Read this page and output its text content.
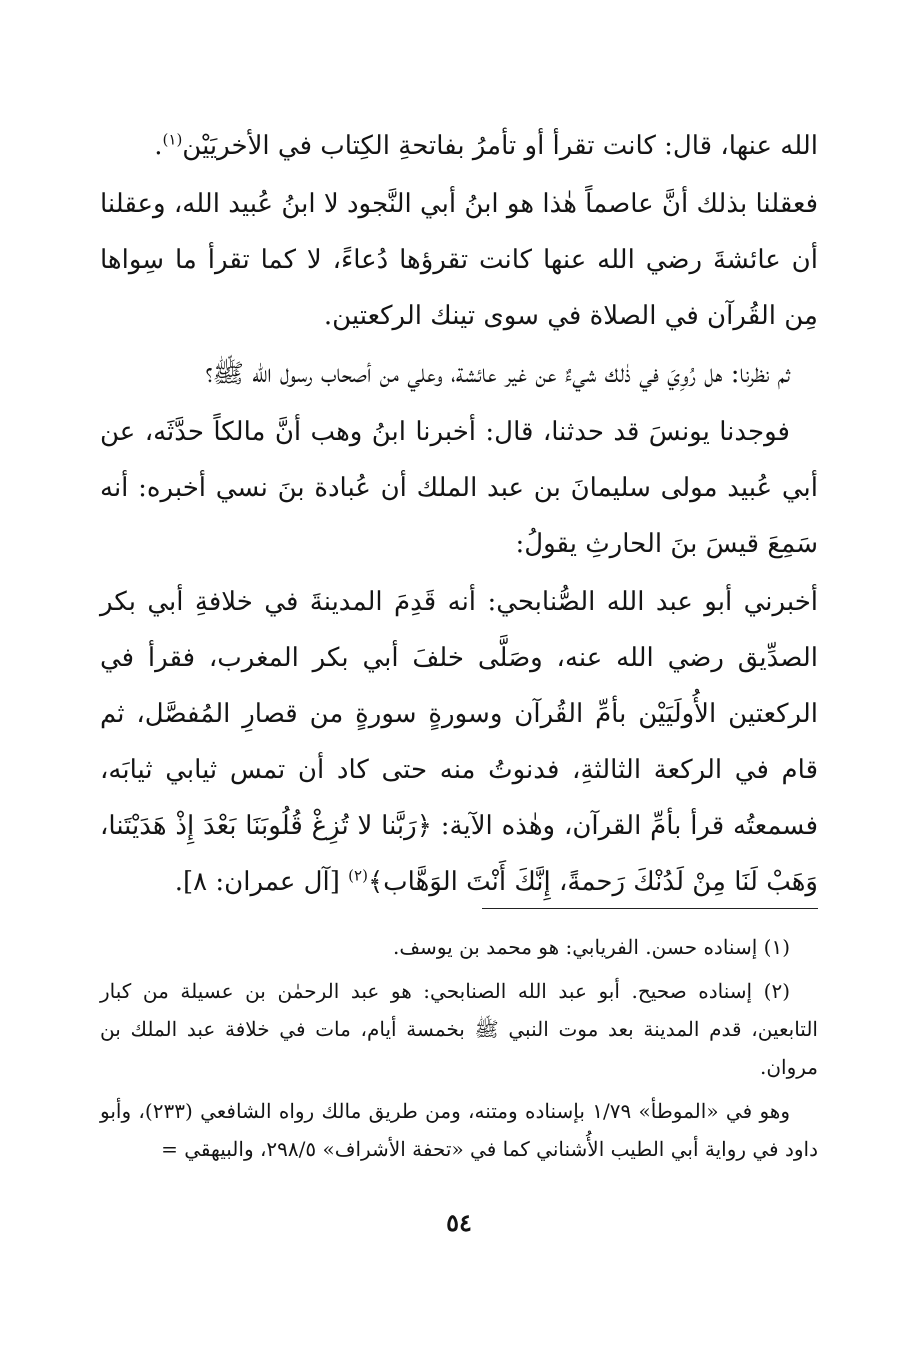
الله عنها، قال: كانت تقرأ أو تأمرُ بفاتحةِ الكِتاب في الأخريَيْن$^{(١)}$.

فعقلنا بذلك أنَّ عاصماً هٰذا هو ابنُ أبي النَّجود لا ابنُ عُبيد الله، وعقلنا أن عائشةَ رضي الله عنها كانت تقرؤها دُعاءً، لا كما تقرأ ما سِواها مِن القُرآن في الصلاة في سوى تينك الركعتين.

ثم نظرنا: هل رُوِيَ في ذٰلك شيءٌ عن غير عائشة، وعلي من أصحاب رسول الله ﷺ؟

فوجدنا يونسَ قد حدثنا، قال: أخبرنا ابنُ وهب أنَّ مالكاً حدَّثَه، عن أبي عُبيد مولى سليمانَ بن عبد الملك أن عُبادة بنَ نسي أخبره: أنه سَمِعَ قيسَ بنَ الحارثِ يقولُ:

أخبرني أبو عبد الله الصُّنابحي: أنه قَدِمَ المدينةَ في خلافةِ أبي بكر الصدِّيق رضي الله عنه، وصَلَّى خلفَ أبي بكر المغرب، فقرأ في الركعتين الأُولَيَيْن بأمِّ القُرآن وسورةٍ سورةٍ من قصارِ المُفصَّل، ثم قام في الركعة الثالثةِ، فدنوتُ منه حتى كاد أن تمس ثيابي ثيابَه، فسمعتُه قرأ بأمِّ القرآن، وهٰذه الآية: ﴿رَبَّنا لا تُزِغْ قُلُوبَنَا بَعْدَ إِذْ هَدَيْتَنا، وَهَبْ لَنَا مِنْ لَدُنْكَ رَحمةً، إِنَّكَ أَنْتَ الوَهَّاب﴾$^{(٢)}$ [آل عمران: ٨].

(١) إسناده حسن. الفريابي: هو محمد بن يوسف.

(٢) إسناده صحيح. أبو عبد الله الصنابحي: هو عبد الرحمٰن بن عسيلة من كبار التابعين، قدم المدينة بعد موت النبي ﷺ بخمسة أيام، مات في خلافة عبد الملك بن مروان.

وهو في «الموطأ» ١/٧٩ بإسناده ومتنه، ومن طريق مالك رواه الشافعي (٢٣٣)، وأبو داود في رواية أبي الطيب الأُشناني كما في «تحفة الأشراف» ٢٩٨/٥، والبيهقي =

٥٤
